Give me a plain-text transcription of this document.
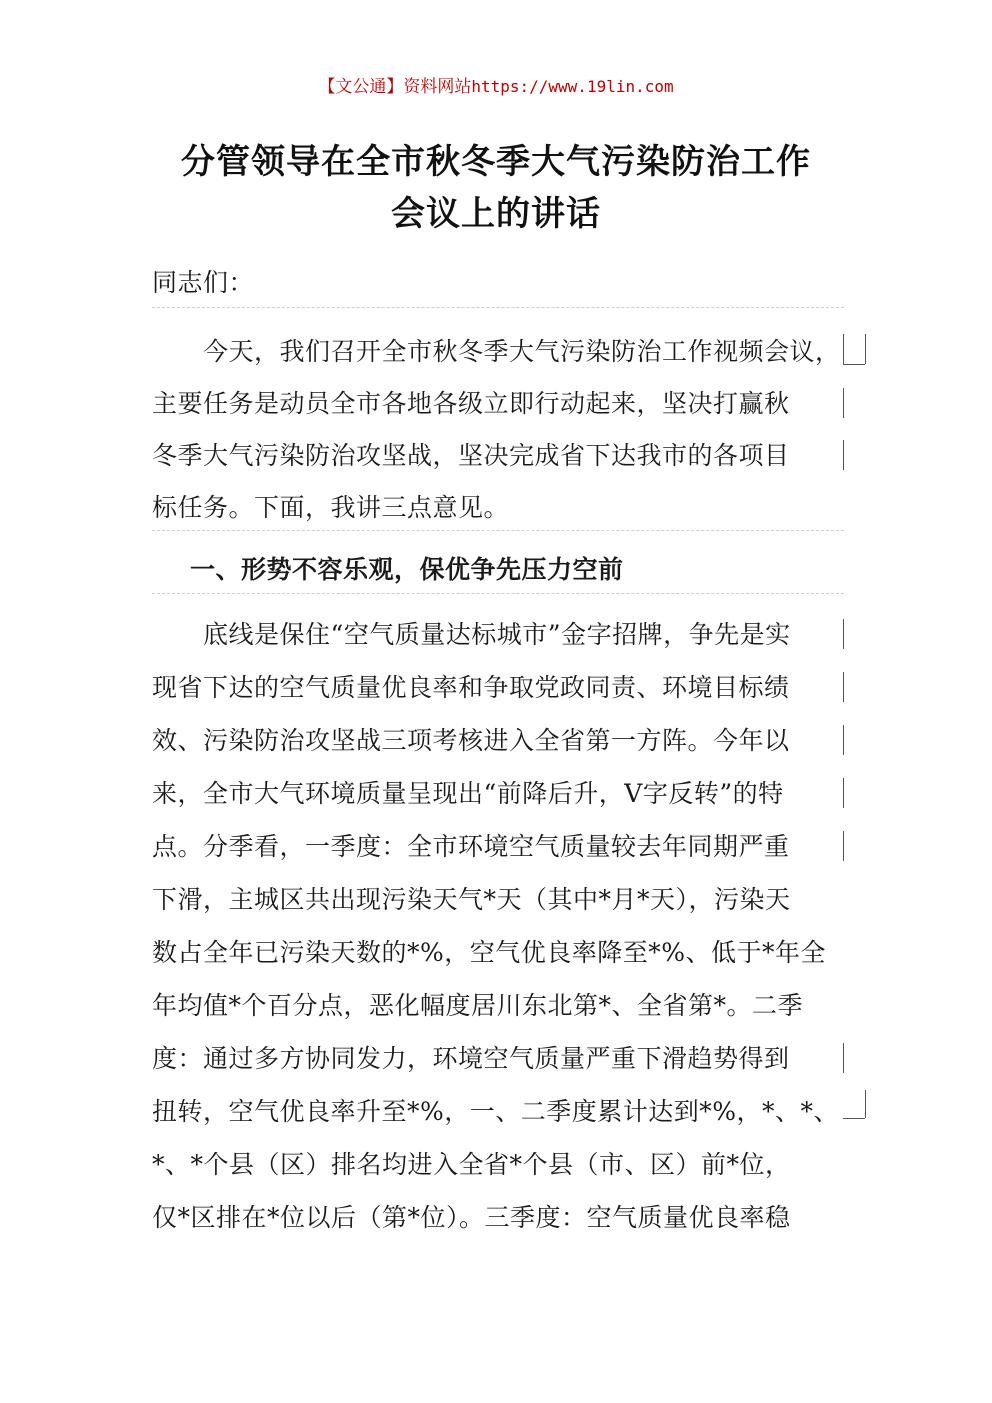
【文公通】资料网站https://www.19lin.com
分管领导在全市秋冬季大气污染防治工作
会议上的讲话
同志们：
　　今天，我们召开全市秋冬季大气污染防治工作视频会议，
主要任务是动员全市各地各级立即行动起来，坚决打赢秋
冬季大气污染防治攻坚战，坚决完成省下达我市的各项目
标任务。下面，我讲三点意见。
一、形势不容乐观，保优争先压力空前
　　底线是保住“空气质量达标城市”金字招牌，争先是实
现省下达的空气质量优良率和争取党政同责、环境目标绩
效、污染防治攻坚战三项考核进入全省第一方阵。今年以
来，全市大气环境质量呈现出“前降后升，V字反转”的特
点。分季看，一季度：全市环境空气质量较去年同期严重
下滑，主城区共出现污染天气*天（其中*月*天），污染天
数占全年已污染天数的*%，空气优良率降至*%、低于*年全
年均值*个百分点，恶化幅度居川东北第*、全省第*。二季
度：通过多方协同发力，环境空气质量严重下滑趋势得到
扭转，空气优良率升至*%，一、二季度累计达到*%，*、*、
*、*个县（区）排名均进入全省*个县（市、区）前*位，
仅*区排在*位以后（第*位）。三季度：空气质量优良率稳
